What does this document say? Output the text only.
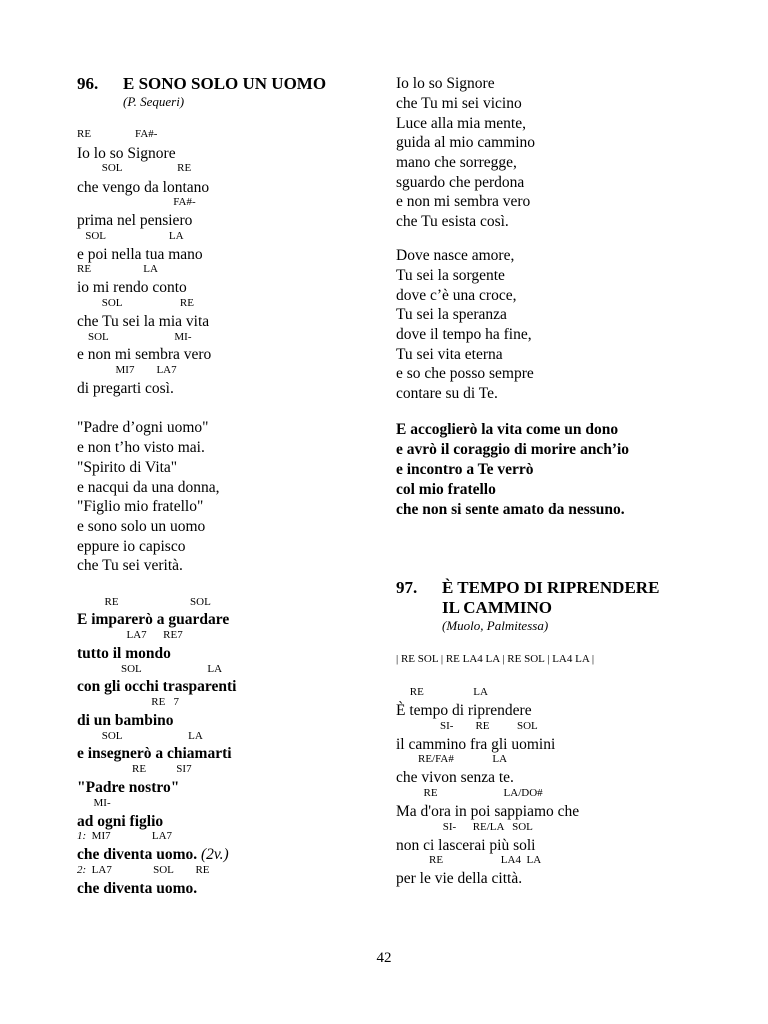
96. E SONO SOLO UN UOMO
(P. Sequeri)
RE                FA#-
Io lo so Signore
SOL                    RE
che vengo da lontano
FA#-
prima nel pensiero
SOL                       LA
e poi nella tua mano
RE                   LA
io mi rendo conto
SOL                     RE
che Tu sei la mia vita
SOL                        MI-
e non mi sembra vero
MI7        LA7
di pregarti così.
"Padre d’ogni uomo"
e non t’ho visto mai.
"Spirito di Vita"
e nacqui da una donna,
"Figlio mio fratello"
e sono solo un uomo
eppure io capisco
che Tu sei verità.
RE                          SOL
E imparerò a guardare
LA7      RE7
tutto il mondo
SOL                        LA
con gli occhi trasparenti
RE   7
di un bambino
SOL                        LA
e insegnerò a chiamarti
RE           SI7
"Padre nostro"
MI-
ad ogni figlio
1:  MI7               LA7
che diventa uomo. (2v.)
2:  LA7               SOL        RE
che diventa uomo.
Io lo so Signore
che Tu mi sei vicino
Luce alla mia mente,
guida al mio cammino
mano che sorregge,
sguardo che perdona
e non mi sembra vero
che Tu esista così.
Dove nasce amore,
Tu sei la sorgente
dove c’è una croce,
Tu sei la speranza
dove il tempo ha fine,
Tu sei vita eterna
e so che posso sempre
contare su di Te.
E accoglierò la vita come un dono
e avrò il coraggio di morire anch’io
e incontro a Te verrò
col mio fratello
che non si sente amato da nessuno.
97. È TEMPO DI RIPRENDERE
IL CAMMINO
(Muolo, Palmitessa)
| RE SOL | RE LA4 LA | RE SOL | LA4 LA |
RE                  LA
È tempo di riprendere
SI-        RE          SOL
il cammino fra gli uomini
RE/FA#              LA
che vivon senza te.
RE                        LA/DO#
Ma d'ora in poi sappiamo che
SI-      RE/LA   SOL
non ci lascerai più soli
RE                     LA4  LA
per le vie della città.
42
